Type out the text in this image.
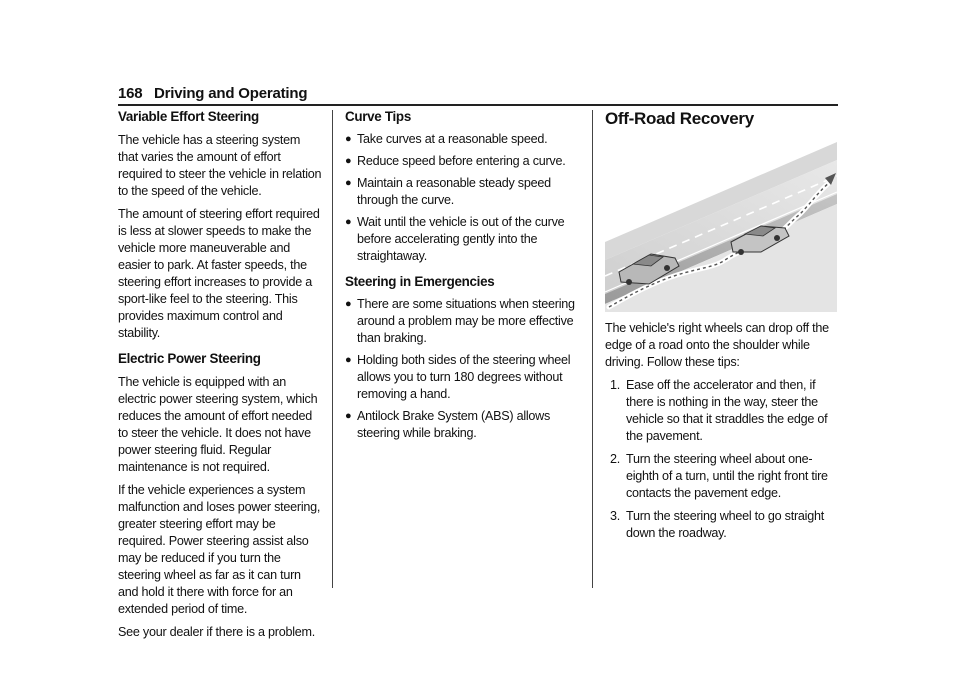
168 Driving and Operating
Variable Effort Steering

The vehicle has a steering system that varies the amount of effort required to steer the vehicle in relation to the speed of the vehicle.

The amount of steering effort required is less at slower speeds to make the vehicle more maneuverable and easier to park. At faster speeds, the steering effort increases to provide a sport-like feel to the steering. This provides maximum control and stability.

Electric Power Steering

The vehicle is equipped with an electric power steering system, which reduces the amount of effort needed to steer the vehicle. It does not have power steering fluid. Regular maintenance is not required.

If the vehicle experiences a system malfunction and loses power steering, greater steering effort may be required. Power steering assist also may be reduced if you turn the steering wheel as far as it can turn and hold it there with force for an extended period of time.

See your dealer if there is a problem.

Curve Tips
● Take curves at a reasonable speed.
● Reduce speed before entering a curve.
● Maintain a reasonable steady speed through the curve.
● Wait until the vehicle is out of the curve before accelerating gently into the straightaway.
Steering in Emergencies
● There are some situations when steering around a problem may be more effective than braking.
● Holding both sides of the steering wheel allows you to turn 180 degrees without removing a hand.
● Antilock Brake System (ABS) allows steering while braking.
Off-Road Recovery

The vehicle's right wheels can drop off the edge of a road onto the shoulder while driving. Follow these tips:

1. Ease off the accelerator and then, if there is nothing in the way, steer the vehicle so that it straddles the edge of the pavement.
2. Turn the steering wheel about one-eighth of a turn, until the right front tire contacts the pavement edge.
3. Turn the steering wheel to go straight down the roadway.
